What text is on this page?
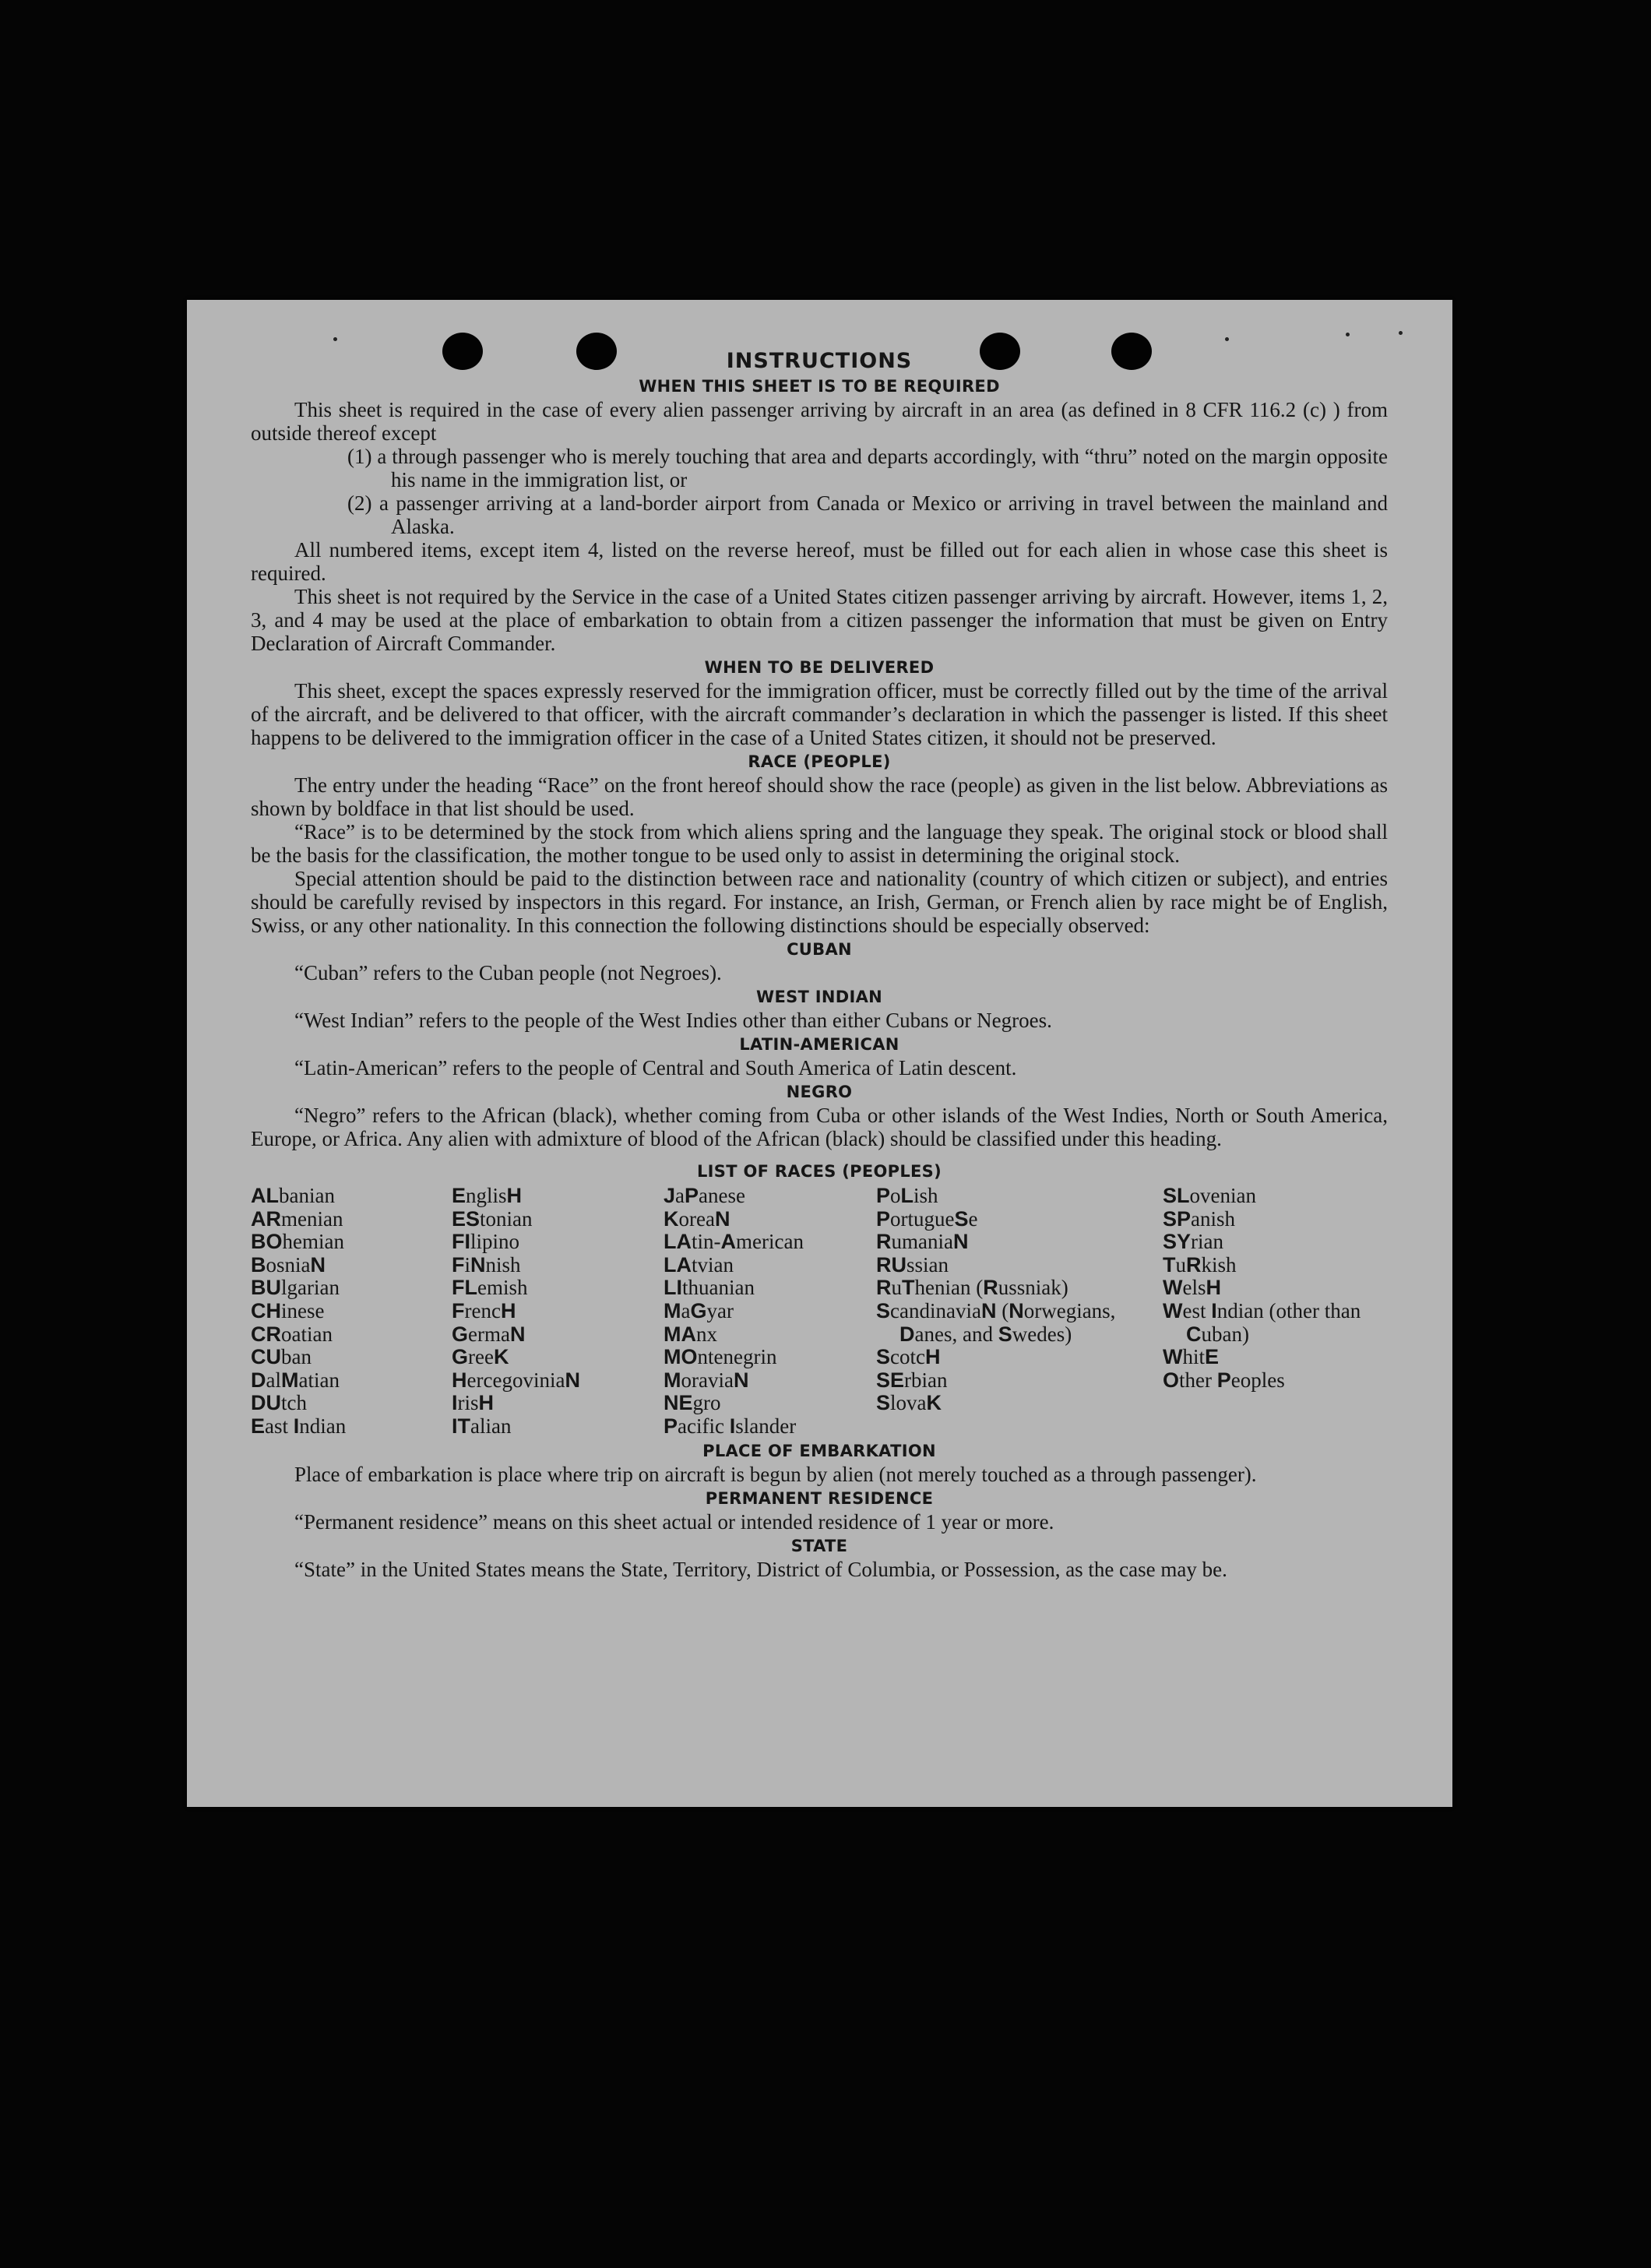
INSTRUCTIONS
WHEN THIS SHEET IS TO BE REQUIRED

This sheet is required in the case of every alien passenger arriving by aircraft in an area (as defined in 8 CFR 116.2 (c) ) from outside thereof except

(1) a through passenger who is merely touching that area and departs accordingly, with “thru” noted on the margin opposite his name in the immigration list, or

(2) a passenger arriving at a land-border airport from Canada or Mexico or arriving in travel between the mainland and Alaska.

All numbered items, except item 4, listed on the reverse hereof, must be filled out for each alien in whose case this sheet is required.

This sheet is not required by the Service in the case of a United States citizen passenger arriving by aircraft. However, items 1, 2, 3, and 4 may be used at the place of embarkation to obtain from a citizen passenger the information that must be given on Entry Declaration of Aircraft Commander.

WHEN TO BE DELIVERED

This sheet, except the spaces expressly reserved for the immigration officer, must be correctly filled out by the time of the arrival of the aircraft, and be delivered to that officer, with the aircraft commander’s declaration in which the passenger is listed. If this sheet happens to be delivered to the immigration officer in the case of a United States citizen, it should not be preserved.

RACE (PEOPLE)

The entry under the heading “Race” on the front hereof should show the race (people) as given in the list below. Abbreviations as shown by boldface in that list should be used.

“Race” is to be determined by the stock from which aliens spring and the language they speak. The original stock or blood shall be the basis for the classification, the mother tongue to be used only to assist in determining the original stock.

Special attention should be paid to the distinction between race and nationality (country of which citizen or subject), and entries should be carefully revised by inspectors in this regard. For instance, an Irish, German, or French alien by race might be of English, Swiss, or any other nationality. In this connection the following distinctions should be especially observed:

CUBAN

“Cuban” refers to the Cuban people (not Negroes).

WEST INDIAN

“West Indian” refers to the people of the West Indies other than either Cubans or Negroes.

LATIN-AMERICAN

“Latin-American” refers to the people of Central and South America of Latin descent.

NEGRO

“Negro” refers to the African (black), whether coming from Cuba or other islands of the West Indies, North or South America, Europe, or Africa. Any alien with admixture of blood of the African (black) should be classified under this heading.

LIST OF RACES (PEOPLES)
ALbanian
ARmenian
BOhemian
BosniaN
BUlgarian
CHinese
CRoatian
CUban
DalMatian
DUtch
East Indian
EnglisH
EStonian
FIlipino
FiNnish
FLemish
FrencH
GermaN
GreeK
HercegoviniaN
IrisH
ITalian
JaPanese
KoreaN
LAtin-American
LAtvian
LIthuanian
MaGyar
MAnx
MOntenegrin
MoraviaN
NEgro
Pacific Islander
PoLish
PortugueSe
RumaniaN
RUssian
RuThenian (Russniak)
ScandinaviaN (Norwegians, Danes, and Swedes)
ScotcH
SErbian
SlovaK
SLovenian
SPanish
SYrian
TuRkish
WelsH
West Indian (other than Cuban)
WhitE
Other Peoples
PLACE OF EMBARKATION

Place of embarkation is place where trip on aircraft is begun by alien (not merely touched as a through passenger).

PERMANENT RESIDENCE

“Permanent residence” means on this sheet actual or intended residence of 1 year or more.

STATE

“State” in the United States means the State, Territory, District of Columbia, or Possession, as the case may be.
